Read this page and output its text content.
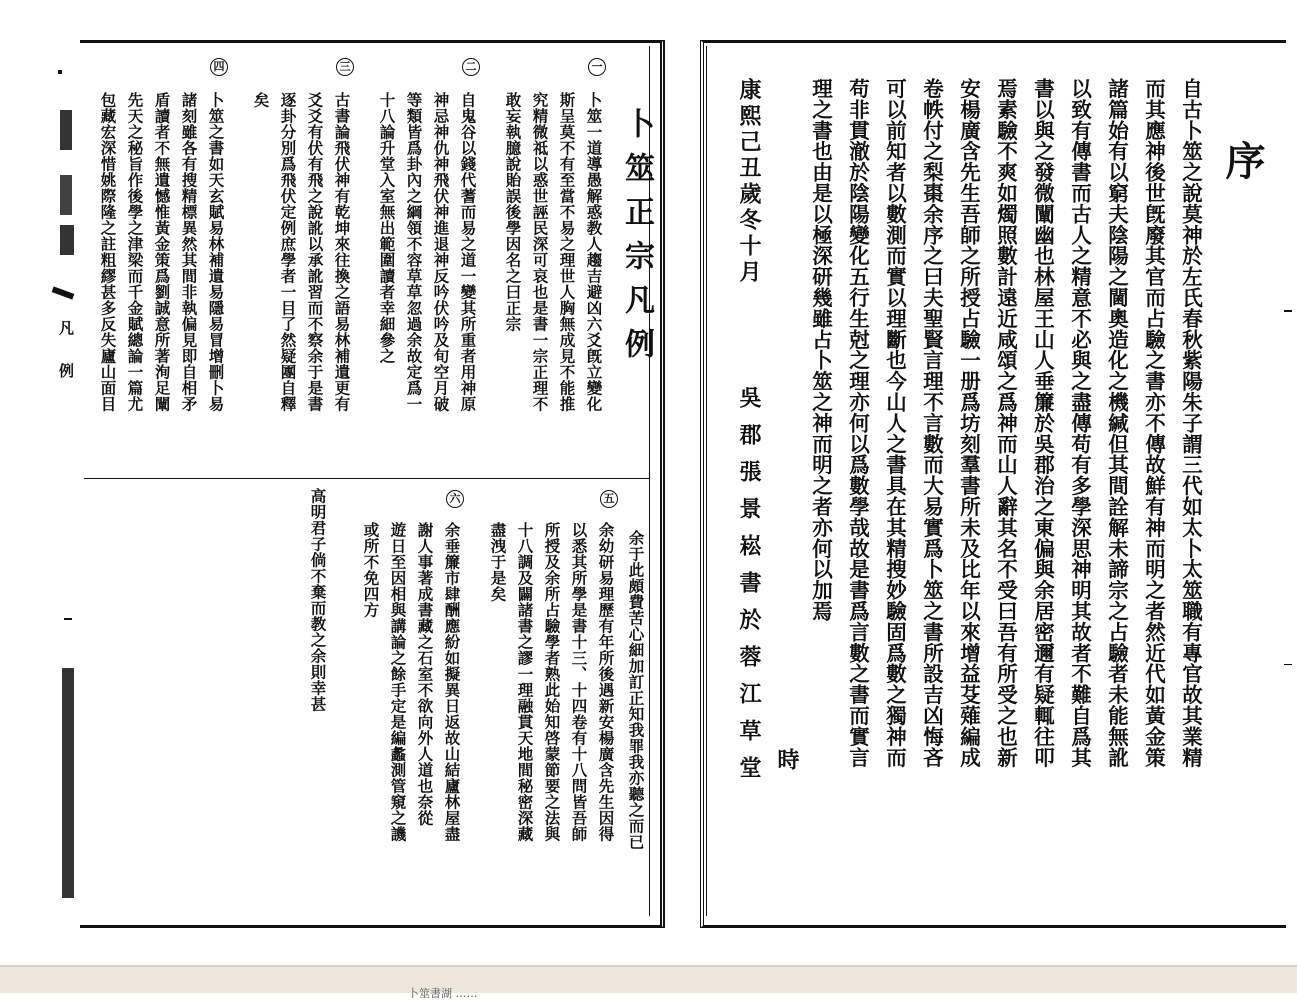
凡例	卜筮正宗凡例
一
卜筮一道導愚解惑教人趨吉避凶六爻旣立變化
斯呈莫不有至當不易之理世人胸無成見不能推
究精微祗以惑世誣民深可哀也是書一宗正理不
敢妄執臆說貽誤後學因名之曰正宗
二
自鬼谷以錢代蓍而易之道一變其所重者用神原
神忌神仇神飛伏神進退神反吟伏吟及旬空月破
等類皆爲卦內之綱領不容草草忽過余故定爲一
十八論升堂入室無出範圍讀者幸細參之
三
古書論飛伏神有乾坤來往換之語易林補遺更有
爻爻有伏有飛之說訛以承訛習而不察余于是書
逐卦分別爲飛伏定例庶學者一目了然疑團自釋
矣
四
卜筮之書如天玄賦易林補遺易隱易冒增刪卜易
諸刻雖各有搜精標異然其間非執偏見即自相矛
盾讀者不無遺憾惟黃金策爲劉誠意所著洵足闡
先天之秘旨作後學之津梁而千金賦總論一篇尤
包藏宏深惜姚際隆之註粗繆甚多反失廬山面目
余于此頗費苦心細加訂正知我罪我亦聽之而已
五
余幼研易理歷有年所後遇新安楊廣含先生因得
以悉其所學是書十三、十四卷有十八問皆吾師
所授及余所占驗學者熟此始知啓蒙節要之法與
十八調及闢諸書之謬一理融貫天地間秘密深藏
盡洩于是矣
六
余垂簾市肆酬應紛如擬異日返故山結廬林屋盡
謝人事著成書藏之石室不欲向外人道也奈從
遊日至因相與講論之餘手定是編蠡測管窺之譏
或所不免四方
高明君子倘不棄而教之余則幸甚
序
自古卜筮之說莫神於左氏春秋紫陽朱子謂三代如太卜太筮職有專官故其業精
而其應神後世旣廢其官而占驗之書亦不傳故鮮有神而明之者然近代如黃金策
諸篇始有以窮夫陰陽之閫奧造化之機緘但其間詮解未諦宗之占驗者未能無訛
以致有傳書而古人之精意不必與之盡傳苟有多學深思神明其故者不難自爲其
書以與之發微闡幽也林屋王山人垂簾於吳郡治之東偏與余居密邇有疑輒往叩
焉素驗不爽如燭照數計遠近咸頌之爲神而山人辭其名不受曰吾有所受之也新
安楊廣含先生吾師之所授占驗一册爲坊刻羣書所未及比年以來增益芟薙編成
卷帙付之梨棗余序之曰夫聖賢言理不言數而大易實爲卜筮之書所設吉凶悔吝
可以前知者以數測而實以理斷也今山人之書具在其精搜妙驗固爲數之獨神而
苟非貫澈於陰陽變化五行生尅之理亦何以爲數學哉故是書爲言數之書而實言
理之書也由是以極深研幾雖占卜筮之神而明之者亦何以加焉
時
康熙己丑歲冬十月
吳郡張景崧書於蓉江草堂
卜筮書湖 ……
